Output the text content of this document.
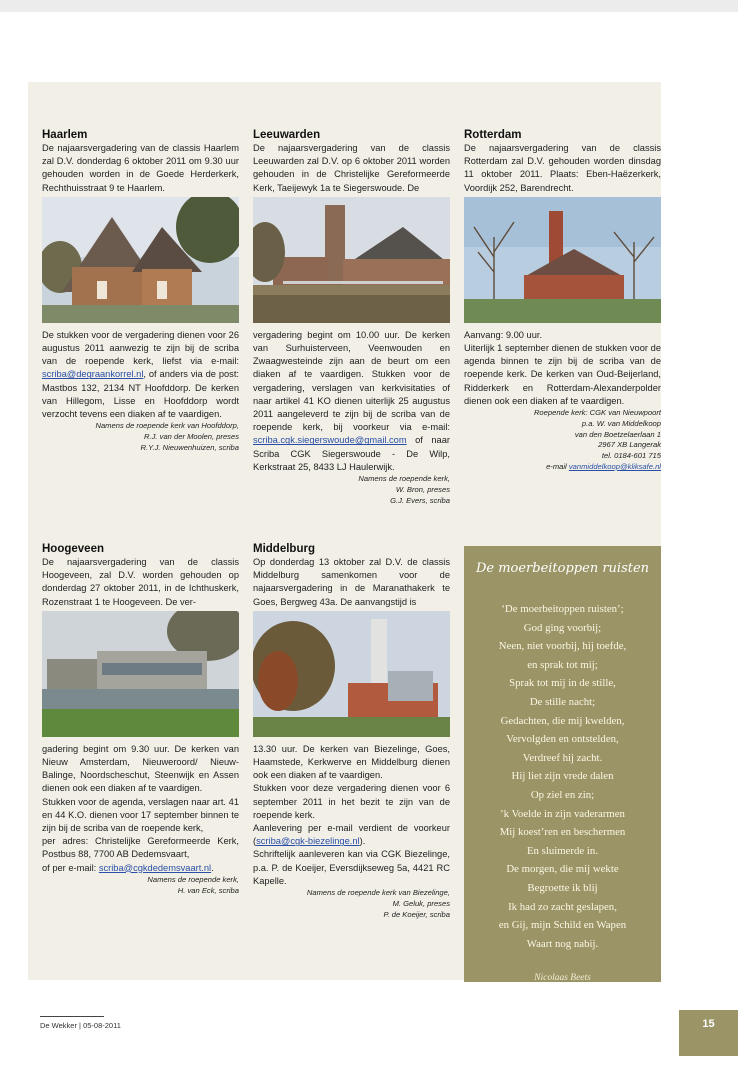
Haarlem
De najaarsvergadering van de classis Haarlem zal D.V. donderdag 6 oktober 2011 om 9.30 uur gehouden worden in de Goede Herderkerk, Rechthuisstraat 9 te Haarlem.
De stukken voor de vergadering dienen voor 26 augustus 2011 aanwezig te zijn bij de scriba van de roepende kerk, liefst via e-mail: scriba@degraankorrel.nl, of anders via de post: Mastbos 132, 2134 NT Hoofddorp. De kerken van Hillegom, Lisse en Hoofddorp wordt verzocht tevens een diaken af te vaardigen.
Namens de roepende kerk van Hoofddorp,
R.J. van der Moolen, preses
R.Y.J. Nieuwenhuizen, scriba
Leeuwarden
De najaarsvergadering van de classis Leeuwarden zal D.V. op 6 oktober 2011 worden gehouden in de Christelijke Gereformeerde Kerk, Taeijewyk 1a te Siegerswoude. De
vergadering begint om 10.00 uur. De kerken van Surhuisterveen, Veenwouden en Zwaagwesteinde zijn aan de beurt om een diaken af te vaardigen. Stukken voor de vergadering, verslagen van kerkvisitaties of naar artikel 41 KO dienen uiterlijk 25 augustus 2011 aangeleverd te zijn bij de scriba van de roepende kerk, bij voorkeur via e-mail: scriba.cgk.siegerswoude@gmail.com of naar Scriba CGK Siegerswoude - De Wilp, Kerkstraat 25, 8433 LJ Haulerwijk.
Namens de roepende kerk,
W. Bron, preses
G.J. Evers, scriba
Rotterdam
De najaarsvergadering van de classis Rotterdam zal D.V. gehouden worden dinsdag 11 oktober 2011. Plaats: Eben-Haëzerkerk, Voordijk 252, Barendrecht.
Aanvang: 9.00 uur.
Uiterlijk 1 september dienen de stukken voor de agenda binnen te zijn bij de scriba van de roepende kerk. De kerken van Oud-Beijerland, Ridderkerk en Rotterdam-Alexanderpolder dienen ook een diaken af te vaardigen.
Roepende kerk: CGK van Nieuwpoort
p.a. W. van Middelkoop
van den Boetzelaerlaan 1
2967 XB Langerak
tel. 0184-601 715
e-mail vanmiddelkoop@kliksafe.nl
Hoogeveen
De najaarsvergadering van de classis Hoogeveen, zal D.V. worden gehouden op donderdag 27 oktober 2011, in de Ichthuskerk, Rozenstraat 1 te Hoogeveen. De ver-
gadering begint om 9.30 uur. De kerken van Nieuw Amsterdam, Nieuweroord/ Nieuw-Balinge, Noordscheschut, Steenwijk en Assen dienen ook een diaken af te vaardigen.
Stukken voor de agenda, verslagen naar art. 41 en 44 K.O. dienen voor 17 september binnen te zijn bij de scriba van de roepende kerk,
per adres: Christelijke Gereformeerde Kerk, Postbus 88, 7700 AB Dedemsvaart,
of per e-mail: scriba@cgkdedemsvaart.nl.
Namens de roepende kerk,
H. van Eck, scriba
Middelburg
Op donderdag 13 oktober zal D.V. de classis Middelburg samenkomen voor de najaarsvergadering in de Maranathakerk te Goes, Bergweg 43a. De aanvangstijd is
13.30 uur. De kerken van Biezelinge, Goes, Haamstede, Kerkwerve en Middelburg dienen ook een diaken af te vaardigen.
Stukken voor deze vergadering dienen voor 6 september 2011 in het bezit te zijn van de roepende kerk.
Aanlevering per e-mail verdient de voorkeur (scriba@cgk-biezelinge.nl).
Schriftelijk aanleveren kan via CGK Biezelinge, p.a. P. de Koeijer, Eversdijkseweg 5a, 4421 RC Kapelle.
Namens de roepende kerk van Biezelinge,
M. Geluk, preses
P. de Koeijer, scriba
De moerbeitoppen ruisten
‘De moerbeitoppen ruisten’;
God ging voorbij;
Neen, niet voorbij, hij toefde,
en sprak tot mij;
Sprak tot mij in de stille,
De stille nacht;
Gedachten, die mij kwelden,
Vervolgden en ontstelden,
Verdreef hij zacht.
Hij liet zijn vrede dalen
Op ziel en zin;
’k Voelde in zijn vaderarmen
Mij koest’ren en beschermen
En sluimerde in.
De morgen, die mij wekte
Begroette ik blij
Ik had zo zacht geslapen,
en Gij, mijn Schild en Wapen
Waart nog nabij.
Nicolaas Beets
De Wekker | 05-08-2011	15
